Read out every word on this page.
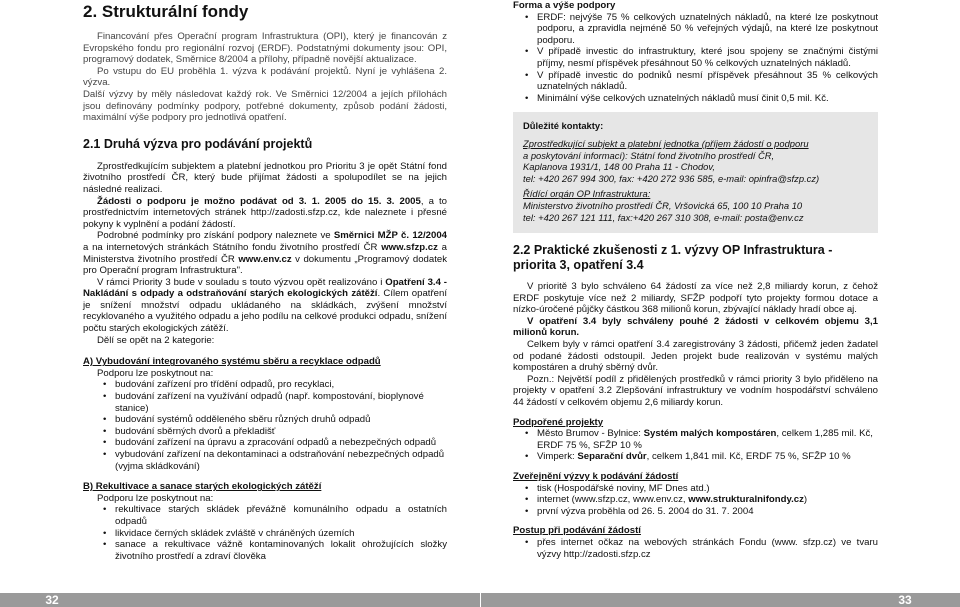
32	33
2. Strukturální fondy

Financování přes Operační program Infrastruktura (OPI), který je financován z Evropského fondu pro regionální rozvoj (ERDF). Podstatnými dokumenty jsou: OPI, programový dodatek, Směrnice 8/2004 a přílohy, případně novější aktualizace.

Po vstupu do EU proběhla 1. výzva k podávání projektů. Nyní je vyhlášena 2. výzva.

Další výzvy by měly následovat každý rok. Ve Směrnici 12/2004 a jejích přílohách jsou definovány podmínky podpory, potřebné dokumenty, způsob podání žádosti, maximální výše podpory pro jednotlivá opatření.

2.1 Druhá výzva pro podávání projektů

Zprostředkujícím subjektem a platební jednotkou pro Prioritu 3 je opět Státní fond životního prostředí ČR, který bude přijímat žádosti a spolupodílet se na jejich následné realizaci.

Žádosti o podporu je možno podávat od 3. 1. 2005 do 15. 3. 2005, a to prostřednictvím internetových stránek http://zadosti.sfzp.cz, kde naleznete i přesné pokyny k vyplnění a podání žádostí.

Podrobné podmínky pro získání podpory naleznete ve Směrnici MŽP č. 12/2004 a na internetových stránkách Státního fondu životního prostředí ČR www.sfzp.cz a Ministerstva životního prostředí ČR www.env.cz v dokumentu „Programový dodatek pro Operační program Infrastruktura".

V rámci Priority 3 bude v souladu s touto výzvou opět realizováno i Opatření 3.4 - Nakládání s odpady a odstraňování starých ekologických zátěží. Cílem opatření je snížení množství odpadu ukládaného na skládkách, zvýšení množství recyklovaného a využitého odpadu a jeho podílu na celkové produkci odpadu, snížení počtu starých ekologických zátěží.

Dělí se opět na 2 kategorie:

A) Vybudování integrovaného systému sběru a recyklace odpadů

Podporu lze poskytnout na:

• budování zařízení pro třídění odpadů, pro recyklaci,
• budování zařízení na využívání odpadů (např. kompostování, bioplynové stanice)
• budování systémů odděleného sběru různých druhů odpadů
• budování sběrných dvorů a překladišť
• budování zařízení na úpravu a zpracování odpadů a nebezpečných odpadů
• vybudování zařízení na dekontaminaci a odstraňování nebezpečných odpadů (vyjma skládkování)

B) Rekultivace a sanace starých ekologických zátěží

Podporu lze poskytnout na:

• rekultivace starých skládek převážně komunálního odpadu a ostatních odpadů
• likvidace černých skládek zvláště v chráněných územích
• sanace a rekultivace vážně kontaminovaných lokalit ohrožujících složky životního prostředí a zdraví člověka

Forma a výše podpory

• ERDF: nejvýše 75 % celkových uznatelných nákladů, na které lze poskytnout podporu, a zpravidla nejméně 50 % veřejných výdajů, na které lze poskytnout podporu.
• V případě investic do infrastruktury, které jsou spojeny se značnými čistými příjmy, nesmí příspěvek přesáhnout 50 % celkových uznatelných nákladů.
• V případě investic do podniků nesmí příspěvek přesáhnout 35 % celkových uznatelných nákladů.
• Minimální výše celkových uznatelných nákladů musí činit 0,5 mil. Kč.

Důležité kontakty:

Zprostředkující subjekt a platební jednotka (příjem žádostí o podporu

a poskytování informací): Státní fond životního prostředí ČR,

Kaplanova 1931/1, 148 00 Praha 11 - Chodov,

tel: +420 267 994 300, fax: +420 272 936 585, e-mail: opinfra@sfzp.cz)

Řídící orgán OP Infrastruktura:

Ministerstvo životního prostředí ČR, Vršovická 65, 100 10 Praha 10

tel: +420 267 121 111, fax:+420 267 310 308, e-mail: posta@env.cz

2.2 Praktické zkušenosti z 1. výzvy OP Infrastruktura - priorita 3, opatření 3.4

V prioritě 3 bylo schváleno 64 žádostí za více než 2,8 miliardy korun, z čehož ERDF poskytuje více než 2 miliardy, SFŽP podpoří tyto projekty formou dotace a nízko-úročené půjčky částkou 368 milionů korun, zbývající náklady hradí obce aj.

V opatření 3.4 byly schváleny pouhé 2 žádosti v celkovém objemu 3,1 milionů korun.

Celkem byly v rámci opatření 3.4 zaregistrovány 3 žádosti, přičemž jeden žadatel od podané žádosti odstoupil. Jeden projekt bude realizován v systému malých kompostáren a druhý sběrný dvůr.

Pozn.: Největší podíl z přidělených prostředků v rámci priority 3 bylo přiděleno na projekty v opatření 3.2 Zlepšování infrastruktury ve vodním hospodářství schváleno 44 žádostí v celkovém objemu 2,6 miliardy korun.

Podpořené projekty

• Město Brumov - Bylnice: Systém malých kompostáren, celkem 1,285 mil. Kč, ERDF 75 %, SFŽP 10 %
• Vimperk: Separační dvůr, celkem 1,841 mil. Kč, ERDF 75 %, SFŽP 10 %

Zveřejnění výzvy k podávání žádostí

• tisk (Hospodářské noviny, MF Dnes atd.)
• internet (www.sfzp.cz, www.env.cz, www.strukturalnifondy.cz)
• první výzva proběhla od 26. 5. 2004 do 31. 7. 2004

Postup při podávání žádostí

• přes internet očkaz na webových stránkách Fondu (www. sfzp.cz) ve tvaru výzvy http://zadosti.sfzp.cz
